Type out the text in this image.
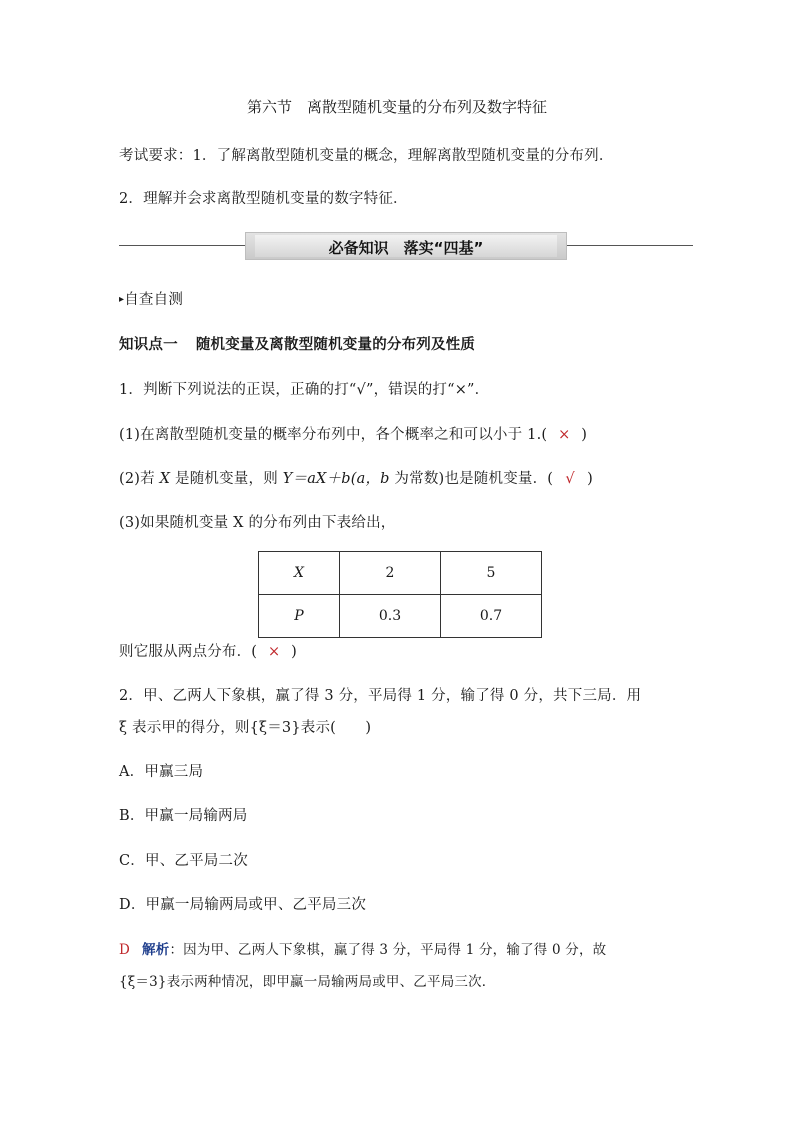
第六节　离散型随机变量的分布列及数字特征
考试要求：1．了解离散型随机变量的概念，理解离散型随机变量的分布列．
2．理解并会求离散型随机变量的数字特征．
必备知识　落实“四基”
▸自查自测
知识点一 随机变量及离散型随机变量的分布列及性质
1．判断下列说法的正误，正确的打“√”，错误的打“×”．
(1)在离散型随机变量的概率分布列中，各个概率之和可以小于 1.( × )
(2)若 X 是随机变量，则 Y＝aX＋b(a，b 为常数)也是随机变量．( √ )
(3)如果随机变量 X 的分布列由下表给出，
X	2	5
P	0.3	0.7
则它服从两点分布．( × )
2．甲、乙两人下象棋，赢了得 3 分，平局得 1 分，输了得 0 分，共下三局．用
ξ 表示甲的得分，则{ξ＝3}表示(　　)
A．甲赢三局
B．甲赢一局输两局
C．甲、乙平局二次
D．甲赢一局输两局或甲、乙平局三次
D 解析：因为甲、乙两人下象棋，赢了得 3 分，平局得 1 分，输了得 0 分，故
{ξ＝3}表示两种情况，即甲赢一局输两局或甲、乙平局三次．
